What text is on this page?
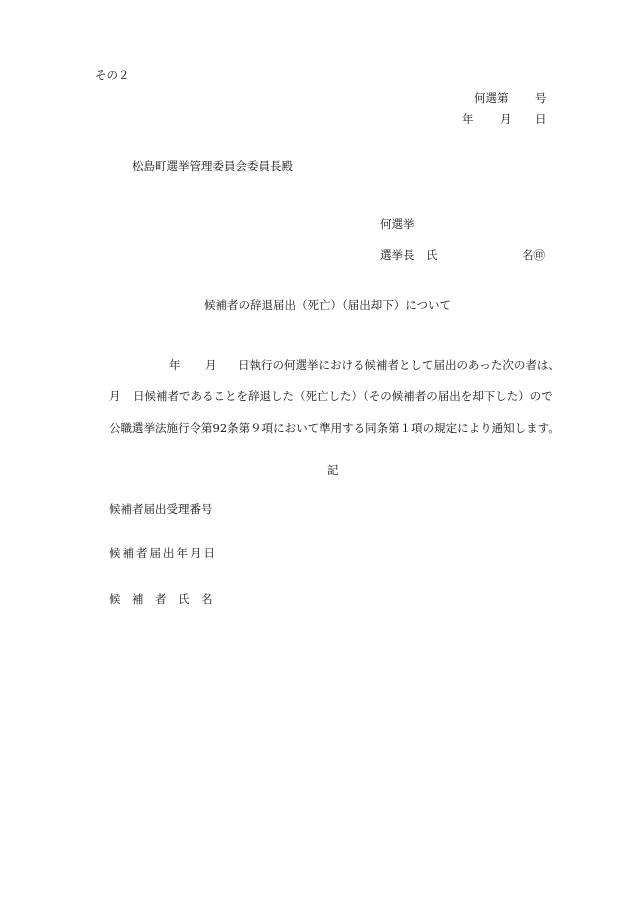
その２
何選第 号
年 月 日
松島町選挙管理委員会委員長殿
何選挙
選挙長　氏	名㊞
候補者の辞退届出（死亡）（届出却下）について
年 月 日執行の何選挙における候補者として届出のあった次の者は、
月 日候補者であることを辞退した（死亡した）（その候補者の届出を却下した）ので
公職選挙法施行令第92条第９項において準用する同条第１項の規定により通知します。
記
候補者届出受理番号
候補者届出年月日
候　補　者　氏　名
